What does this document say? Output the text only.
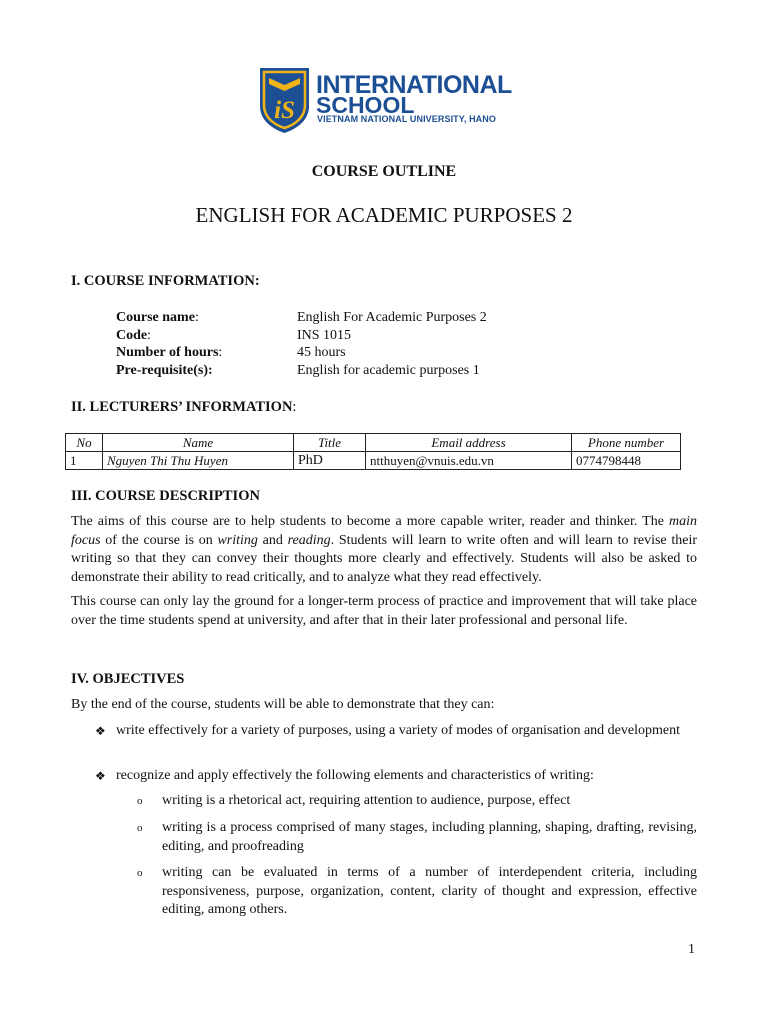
iS
INTERNATIONAL
SCHOOL
VIETNAM NATIONAL UNIVERSITY, HANO
COURSE OUTLINE
ENGLISH FOR ACADEMIC PURPOSES 2
I. COURSE INFORMATION:
Course name:	English For Academic Purposes 2
Code:	INS 1015
Number of hours:	45 hours
Pre-requisite(s):	English for academic purposes 1
II. LECTURERS’ INFORMATION:
No	Name	Title	Email address	Phone number
1	Nguyen Thi Thu Huyen	PhD	ntthuyen@vnuis.edu.vn	0774798448
III. COURSE DESCRIPTION

The aims of this course are to help students to become a more capable writer, reader and thinker. The main focus of the course is on writing and reading. Students will learn to write often and will learn to revise their writing so that they can convey their thoughts more clearly and effectively. Students will also be asked to demonstrate their ability to read critically, and to analyze what they read effectively.

This course can only lay the ground for a longer-term process of practice and improvement that will take place over the time students spend at university, and after that in their later professional and personal life.

IV. OBJECTIVES

By the end of the course, students will be able to demonstrate that they can:

❖ write effectively for a variety of purposes, using a variety of modes of organisation and development
❖ recognize and apply effectively the following elements and characteristics of writing:
o writing is a rhetorical act, requiring attention to audience, purpose, effect
o writing is a process comprised of many stages, including planning, shaping, drafting, revising, editing, and proofreading
o writing can be evaluated in terms of a number of interdependent criteria, including responsiveness, purpose, organization, content, clarity of thought and expression, effective editing, among others.
1
